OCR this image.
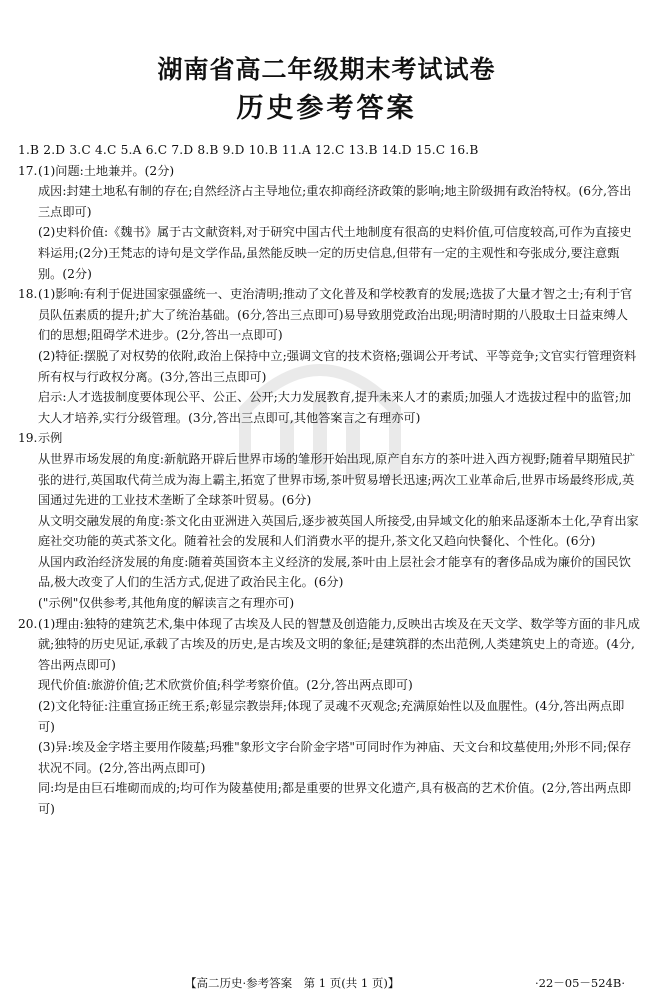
湖南省高二年级期末考试试卷
历史参考答案

1.B 2.D 3.C 4.C 5.A 6.C 7.D 8.B 9.D 10.B 11.A 12.C 13.B 14.D 15.C 16.B

17. (1)问题:土地兼并。(2分)

成因:封建土地私有制的存在;自然经济占主导地位;重农抑商经济政策的影响;地主阶级拥有政治特权。(6分,答出三点即可)

(2)史料价值:《魏书》属于古文献资料,对于研究中国古代土地制度有很高的史料价值,可信度较高,可作为直接史料运用;(2分)王梵志的诗句是文学作品,虽然能反映一定的历史信息,但带有一定的主观性和夸张成分,要注意甄别。(2分)

18. (1)影响:有利于促进国家强盛统一、吏治清明;推动了文化普及和学校教育的发展;选拔了大量才智之士;有利于官员队伍素质的提升;扩大了统治基础。(6分,答出三点即可)易导致朋党政治出现;明清时期的八股取士日益束缚人们的思想;阻碍学术进步。(2分,答出一点即可)

(2)特征:摆脱了对权势的依附,政治上保持中立;强调文官的技术资格;强调公开考试、平等竞争;文官实行管理资料所有权与行政权分离。(3分,答出三点即可)

启示:人才选拔制度要体现公平、公正、公开;大力发展教育,提升未来人才的素质;加强人才选拔过程中的监管;加大人才培养,实行分级管理。(3分,答出三点即可,其他答案言之有理亦可)

19. 示例

从世界市场发展的角度:新航路开辟后世界市场的雏形开始出现,原产自东方的茶叶进入西方视野;随着早期殖民扩张的进行,英国取代荷兰成为海上霸主,拓宽了世界市场,茶叶贸易增长迅速;两次工业革命后,世界市场最终形成,英国通过先进的工业技术垄断了全球茶叶贸易。(6分)

从文明交融发展的角度:茶文化由亚洲进入英国后,逐步被英国人所接受,由异域文化的舶来品逐渐本土化,孕育出家庭社交功能的英式茶文化。随着社会的发展和人们消费水平的提升,茶文化又趋向快餐化、个性化。(6分)

从国内政治经济发展的角度:随着英国资本主义经济的发展,茶叶由上层社会才能享有的奢侈品成为廉价的国民饮品,极大改变了人们的生活方式,促进了政治民主化。(6分)

("示例"仅供参考,其他角度的解读言之有理亦可)

20. (1)理由:独特的建筑艺术,集中体现了古埃及人民的智慧及创造能力,反映出古埃及在天文学、数学等方面的非凡成就;独特的历史见证,承载了古埃及的历史,是古埃及文明的象征;是建筑群的杰出范例,人类建筑史上的奇迹。(4分,答出两点即可)

现代价值:旅游价值;艺术欣赏价值;科学考察价值。(2分,答出两点即可)

(2)文化特征:注重宣扬正统王系;彰显宗教崇拜;体现了灵魂不灭观念;充满原始性以及血腥性。(4分,答出两点即可)

(3)异:埃及金字塔主要用作陵墓;玛雅"象形文字台阶金字塔"可同时作为神庙、天文台和坟墓使用;外形不同;保存状况不同。(2分,答出两点即可)

同:均是由巨石堆砌而成的;均可作为陵墓使用;都是重要的世界文化遗产,具有极高的艺术价值。(2分,答出两点即可)

【高二历史·参考答案　第 1 页(共 1 页)】	·22－05－524B·
